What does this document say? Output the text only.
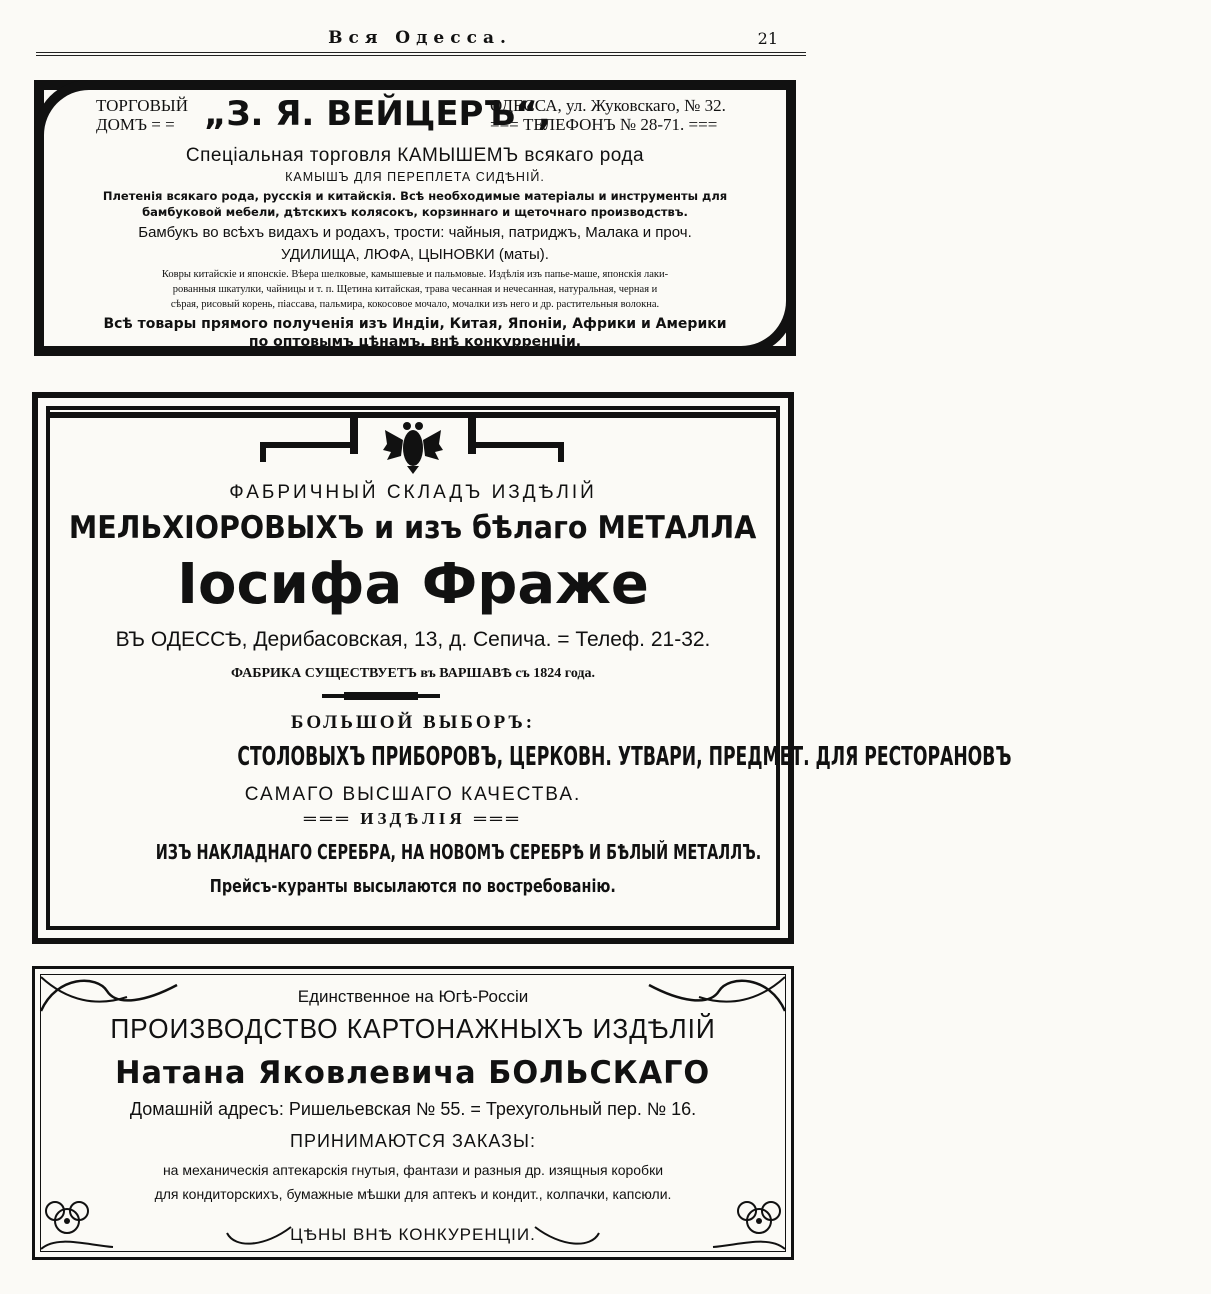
Вся Одесса.	21
ТОРГОВЫЙ
ДОМЪ = = „З. Я. ВЕЙЦЕРЪ“,
ОДЕССА, ул. Жуковскаго, № 32.
=== ТЕЛЕФОНЪ № 28-71. ===
Спеціальная торговля КАМЫШЕМЪ всякаго рода
КАМЫШЪ ДЛЯ ПЕРЕПЛЕТА СИДѢНІЙ.
Плетенія всякаго рода, русскія и китайскія. Всѣ необходимые матеріалы и инструменты для
бамбуковой мебели, дѣтскихъ колясокъ, корзиннаго и щеточнаго производствъ.
Бамбукъ во всѣхъ видахъ и родахъ, трости: чайныя, патриджъ, Малака и проч.
УДИЛИЩА, ЛЮФА, ЦЫНОВКИ (маты).
Ковры китайскіе и японскіе. Вѣера шелковые, камышевые и пальмовые. Издѣлія изъ папье-маше, японскія лаки-
рованныя шкатулки, чайницы и т. п. Щетина китайская, трава чесанная и нечесанная, натуральная, черная и
сѣрая, рисовый корень, піассава, пальмира, кокосовое мочало, мочалки изъ него и др. растительныя волокна.
Всѣ товары прямого полученія изъ Индіи, Китая, Японіи, Африки и Америки
по оптовымъ цѣнамъ, внѣ конкурренціи.
ФАБРИЧНЫЙ СКЛАДЪ ИЗДѢЛІЙ
МЕЛЬХІОРОВЫХЪ и изъ бѣлаго МЕТАЛЛА
Іосифа Фраже
ВЪ ОДЕССѢ, Дерибасовская, 13, д. Сепича. = Телеф. 21-32.
ФАБРИКА СУЩЕСТВУЕТЪ въ ВАРШАВѢ съ 1824 года.
БОЛЬШОЙ ВЫБОРЪ:
СТОЛОВЫХЪ ПРИБОРОВЪ, ЦЕРКОВН. УТВАРИ, ПРЕДМЕТ. ДЛЯ РЕСТОРАНОВЪ
САМАГО ВЫСШАГО КАЧЕСТВА.
═══ ИЗДѢЛІЯ ═══
ИЗЪ НАКЛАДНАГО СЕРЕБРА, НА НОВОМЪ СЕРЕБРѢ И БѢЛЫЙ МЕТАЛЛЪ.
Прейсъ-куранты высылаются по востребованію.
Единственное на Югѣ-Россіи
ПРОИЗВОДСТВО КАРТОНАЖНЫХЪ ИЗДѢЛІЙ
Натана Яковлевича БОЛЬСКАГО
Домашній адресъ: Ришельевская № 55. = Трехугольный пер. № 16.
ПРИНИМАЮТСЯ ЗАКАЗЫ:
на механическія аптекарскія гнутыя, фантази и разныя др. изящныя коробки
для кондиторскихъ, бумажные мѣшки для аптекъ и кондит., колпачки, капсюли.
ЦѢНЫ ВНѢ КОНКУРЕНЦІИ.
